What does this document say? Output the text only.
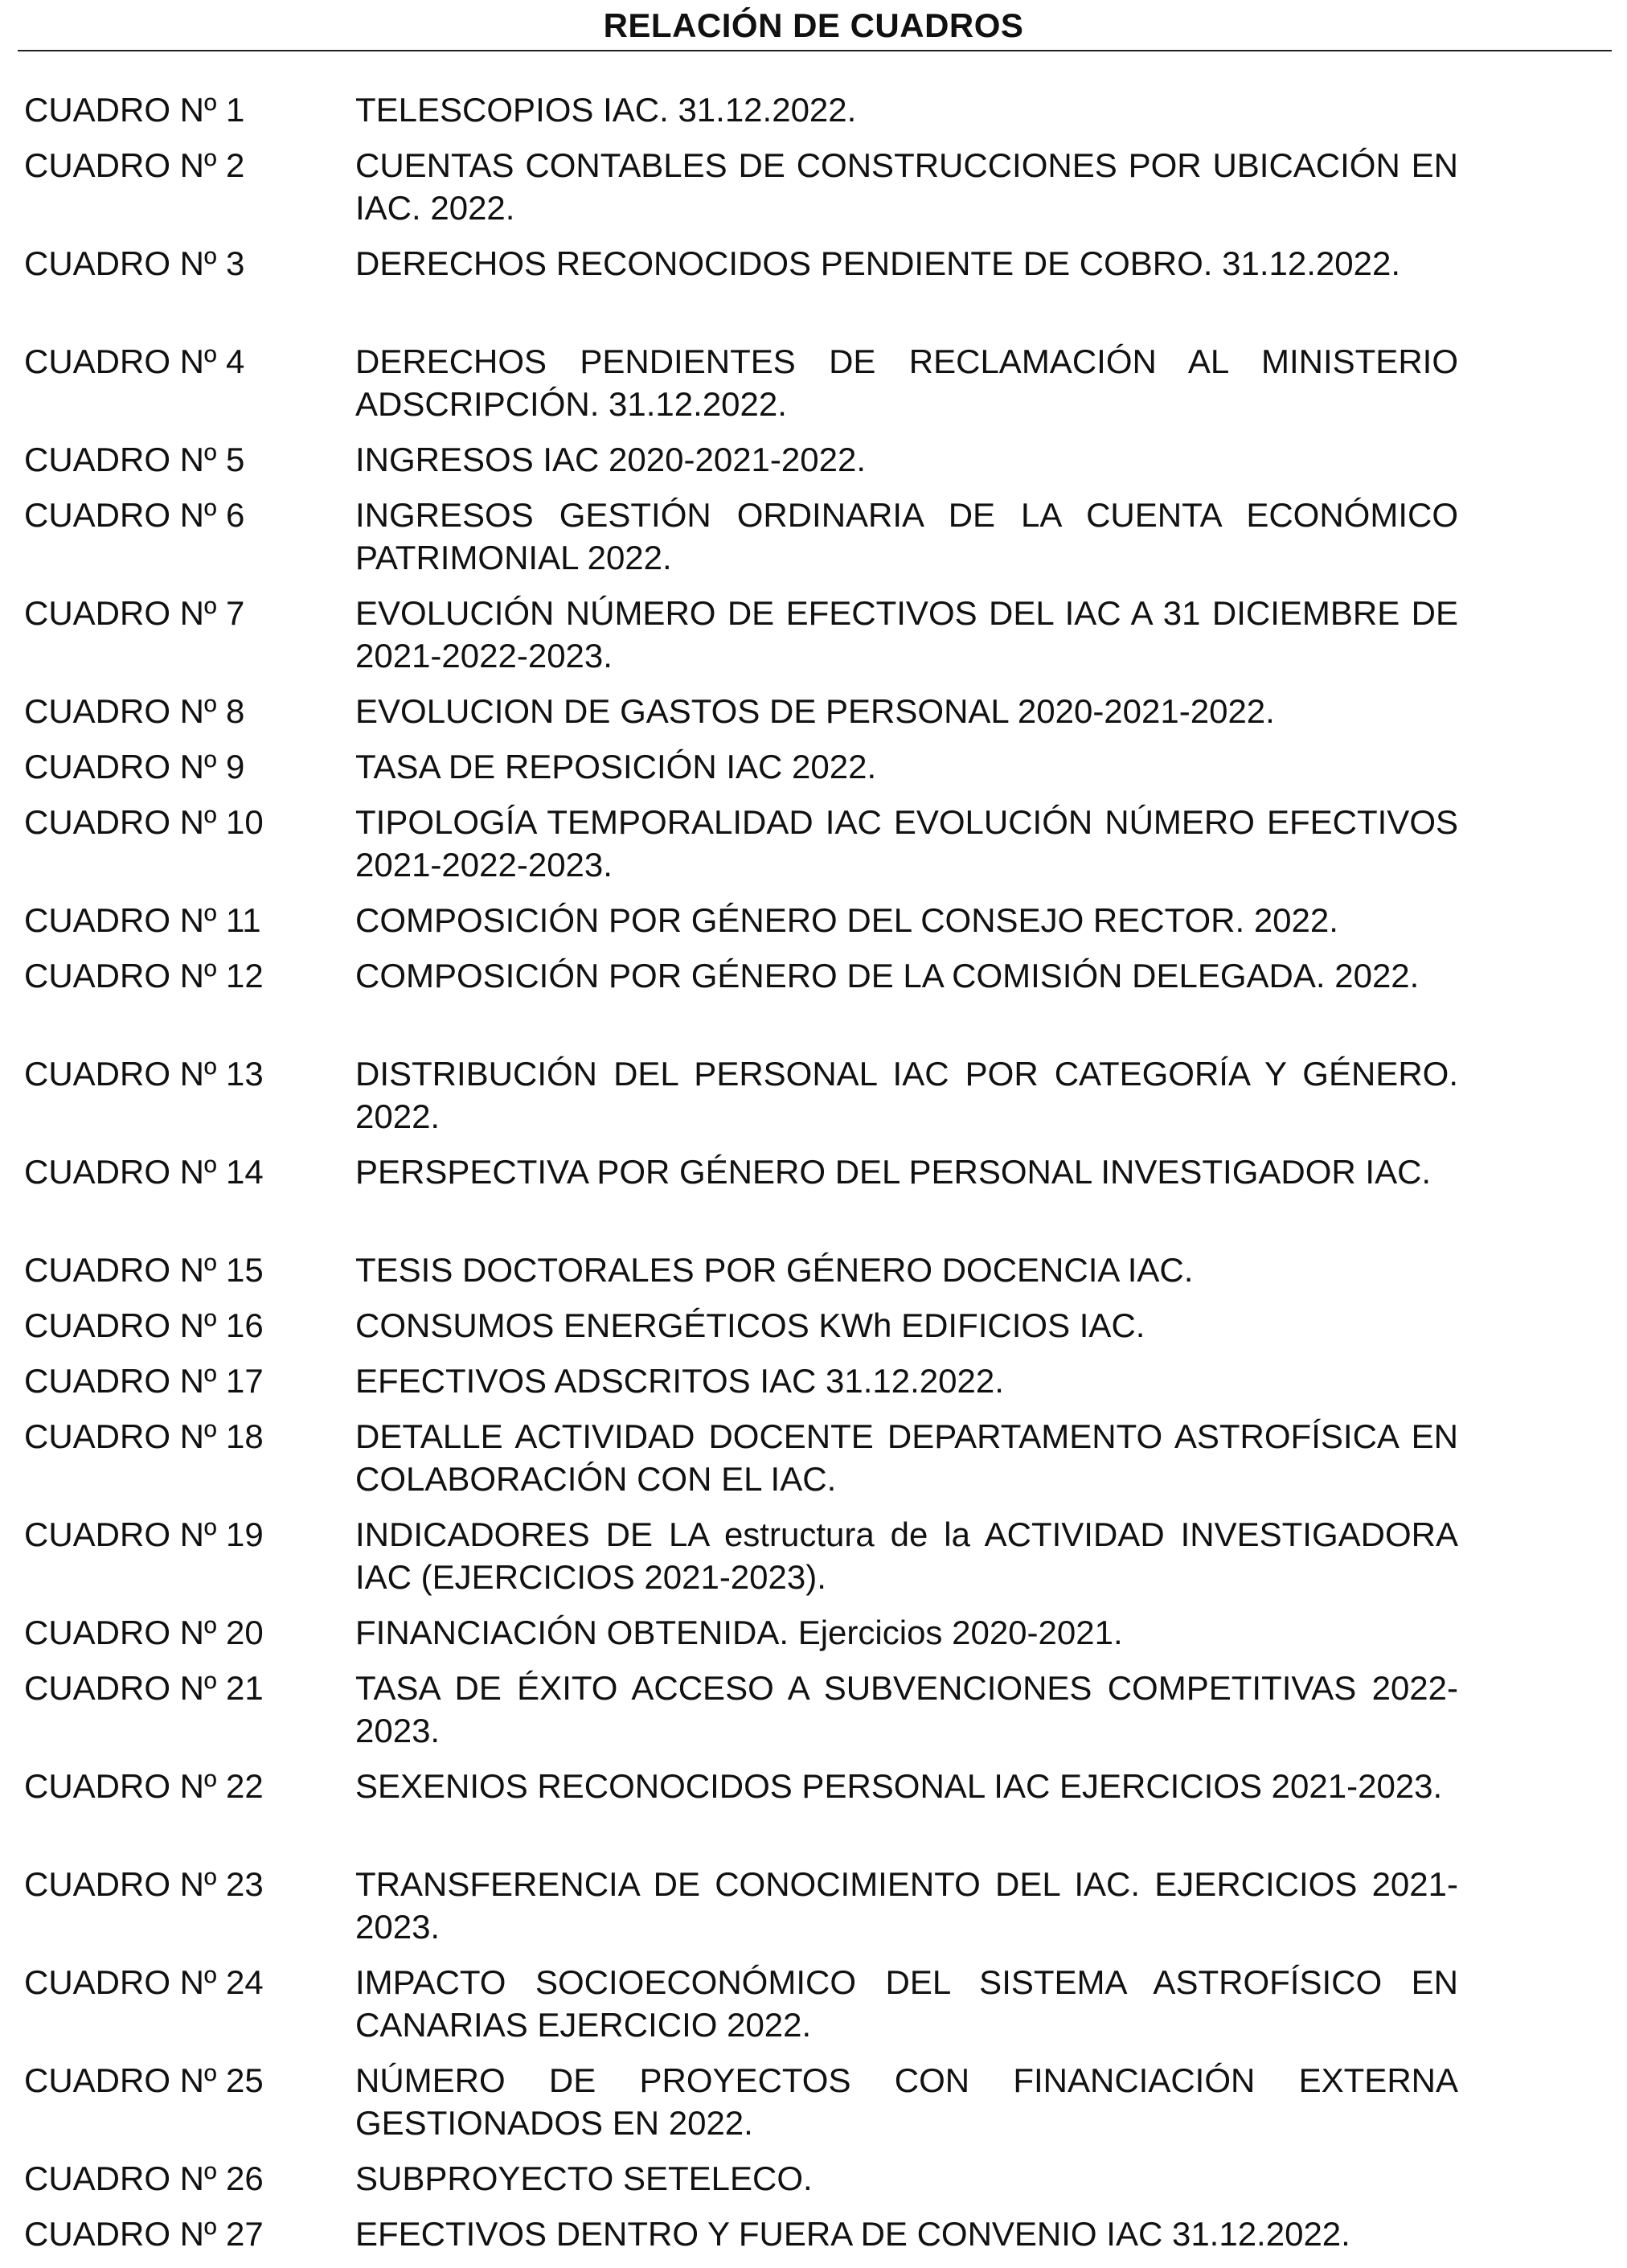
RELACIÓN DE CUADROS
CUADRO Nº 1	TELESCOPIOS IAC. 31.12.2022.
CUADRO Nº 2	CUENTAS CONTABLES DE CONSTRUCCIONES POR UBICACIÓN EN IAC. 2022.
CUADRO Nº 3	DERECHOS RECONOCIDOS PENDIENTE DE COBRO. 31.12.2022.
CUADRO Nº 4	DERECHOS PENDIENTES DE RECLAMACIÓN AL MINISTERIO ADSCRIPCIÓN. 31.12.2022.
CUADRO Nº 5	INGRESOS IAC 2020-2021-2022.
CUADRO Nº 6	INGRESOS GESTIÓN ORDINARIA DE LA CUENTA ECONÓMICO PATRIMONIAL 2022.
CUADRO Nº 7	EVOLUCIÓN NÚMERO DE EFECTIVOS DEL IAC A 31 DICIEMBRE DE 2021-2022-2023.
CUADRO Nº 8	EVOLUCION DE GASTOS DE PERSONAL 2020-2021-2022.
CUADRO Nº 9	TASA DE REPOSICIÓN IAC 2022.
CUADRO Nº 10	TIPOLOGÍA TEMPORALIDAD IAC EVOLUCIÓN NÚMERO EFECTIVOS 2021-2022-2023.
CUADRO Nº 11	COMPOSICIÓN POR GÉNERO DEL CONSEJO RECTOR. 2022.
CUADRO Nº 12	COMPOSICIÓN POR GÉNERO DE LA COMISIÓN DELEGADA. 2022.
CUADRO Nº 13	DISTRIBUCIÓN DEL PERSONAL IAC POR CATEGORÍA Y GÉNERO. 2022.
CUADRO Nº 14	PERSPECTIVA POR GÉNERO DEL PERSONAL INVESTIGADOR IAC.
CUADRO Nº 15	TESIS DOCTORALES POR GÉNERO DOCENCIA IAC.
CUADRO Nº 16	CONSUMOS ENERGÉTICOS KWh EDIFICIOS IAC.
CUADRO Nº 17	EFECTIVOS ADSCRITOS IAC 31.12.2022.
CUADRO Nº 18	DETALLE ACTIVIDAD DOCENTE DEPARTAMENTO ASTROFÍSICA EN COLABORACIÓN CON EL IAC.
CUADRO Nº 19	INDICADORES DE LA estructura de la ACTIVIDAD INVESTIGADORA IAC (EJERCICIOS 2021-2023).
CUADRO Nº 20	FINANCIACIÓN OBTENIDA. Ejercicios 2020-2021.
CUADRO Nº 21	TASA DE ÉXITO ACCESO A SUBVENCIONES COMPETITIVAS 2022-2023.
CUADRO Nº 22	SEXENIOS RECONOCIDOS PERSONAL IAC EJERCICIOS 2021-2023.
CUADRO Nº 23	TRANSFERENCIA DE CONOCIMIENTO DEL IAC. EJERCICIOS 2021-2023.
CUADRO Nº 24	IMPACTO SOCIOECONÓMICO DEL SISTEMA ASTROFÍSICO EN CANARIAS EJERCICIO 2022.
CUADRO Nº 25	NÚMERO DE PROYECTOS CON FINANCIACIÓN EXTERNA GESTIONADOS EN 2022.
CUADRO Nº 26	SUBPROYECTO SETELECO.
CUADRO Nº 27	EFECTIVOS DENTRO Y FUERA DE CONVENIO IAC 31.12.2022.
